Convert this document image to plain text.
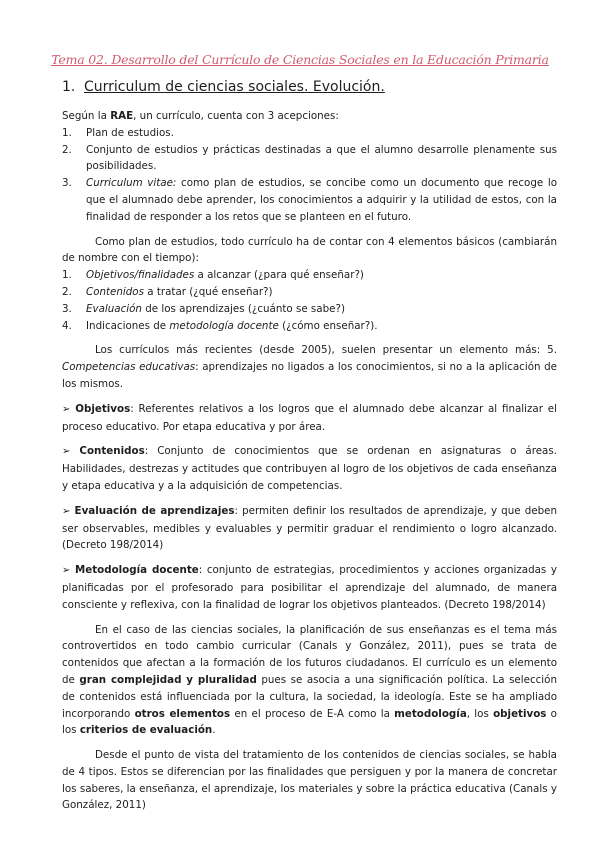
Tema 02. Desarrollo del Currículo de Ciencias Sociales en la Educación Primaria
1. Curriculum de ciencias sociales. Evolución.

Según la RAE, un currículo, cuenta con 3 acepciones:

1.	Plan de estudios.
2.	Conjunto de estudios y prácticas destinadas a que el alumno desarrolle plenamente sus posibilidades.
3.	Curriculum vitae: como plan de estudios, se concibe como un documento que recoge lo que el alumnado debe aprender, los conocimientos a adquirir y la utilidad de estos, con la finalidad de responder a los retos que se planteen en el futuro.

Como plan de estudios, todo currículo ha de contar con 4 elementos básicos (cambiarán de nombre con el tiempo):

1.	Objetivos/finalidades a alcanzar (¿para qué enseñar?)
2.	Contenidos a tratar (¿qué enseñar?)
3.	Evaluación de los aprendizajes (¿cuánto se sabe?)
4.	Indicaciones de metodología docente (¿cómo enseñar?).

Los currículos más recientes (desde 2005), suelen presentar un elemento más: 5. Competencias educativas: aprendizajes no ligados a los conocimientos, si no a la aplicación de los mismos.

➢ Objetivos: Referentes relativos a los logros que el alumnado debe alcanzar al finalizar el proceso educativo. Por etapa educativa y por área.

➢ Contenidos: Conjunto de conocimientos que se ordenan en asignaturas o áreas. Habilidades, destrezas y actitudes que contribuyen al logro de los objetivos de cada enseñanza y etapa educativa y a la adquisición de competencias.

➢ Evaluación de aprendizajes: permiten definir los resultados de aprendizaje, y que deben ser observables, medibles y evaluables y permitir graduar el rendimiento o logro alcanzado. (Decreto 198/2014)

➢ Metodología docente: conjunto de estrategias, procedimientos y acciones organizadas y planificadas por el profesorado para posibilitar el aprendizaje del alumnado, de manera consciente y reflexiva, con la finalidad de lograr los objetivos planteados. (Decreto 198/2014)

En el caso de las ciencias sociales, la planificación de sus enseñanzas es el tema más controvertidos en todo cambio curricular (Canals y González, 2011), pues se trata de contenidos que afectan a la formación de los futuros ciudadanos. El currículo es un elemento de gran complejidad y pluralidad pues se asocia a una significación política. La selección de contenidos está influenciada por la cultura, la sociedad, la ideología. Este se ha ampliado incorporando otros elementos en el proceso de E-A como la metodología, los objetivos o los criterios de evaluación.

Desde el punto de vista del tratamiento de los contenidos de ciencias sociales, se habla de 4 tipos. Estos se diferencian por las finalidades que persiguen y por la manera de concretar los saberes, la enseñanza, el aprendizaje, los materiales y sobre la práctica educativa (Canals y González, 2011)
